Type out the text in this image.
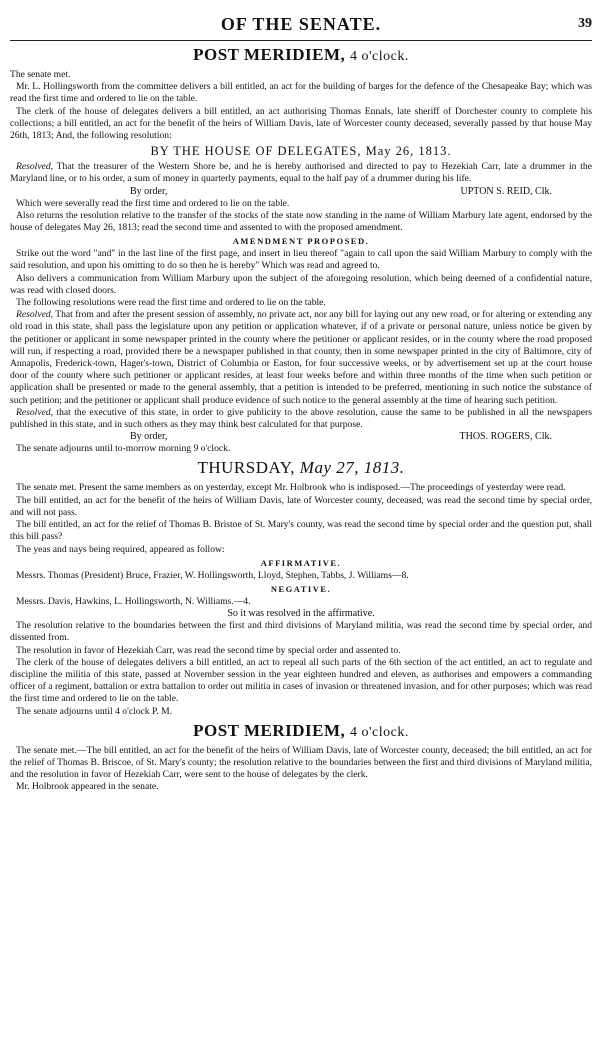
OF THE SENATE.	39
POST MERIDIEM, 4 o'clock.

The senate met.

Mr. L. Hollingsworth from the committee delivers a bill entitled, an act for the building of barges for the defence of the Chesapeake Bay; which was read the first time and ordered to lie on the table.

The clerk of the house of delegates delivers a bill entitled, an act authorising Thomas Ennals, late sheriff of Dorchester county to complete his collections; a bill entitled, an act for the benefit of the heirs of William Davis, late of Worcester county deceased, severally passed by that house May 26th, 1813; And, the following resolution:

BY THE HOUSE OF DELEGATES, May 26, 1813.

Resolved, That the treasurer of the Western Shore be, and he is hereby authorised and directed to pay to Hezekiah Carr, late a drummer in the Maryland line, or to his order, a sum of money in quarterly payments, equal to the half pay of a drummer during his life.

By order,	UPTON S. REID, Clk.

Which were severally read the first time and ordered to lie on the table.

Also returns the resolution relative to the transfer of the stocks of the state now standing in the name of William Marbury late agent, endorsed by the house of delegates May 26, 1813; read the second time and assented to with the proposed amendment.

AMENDMENT PROPOSED.

Strike out the word "and" in the last line of the first page, and insert in lieu thereof "again to call upon the said William Marbury to comply with the said resolution, and upon his omitting to do so then he is hereby" Which was read and agreed to.

Also delivers a communication from William Marbury upon the subject of the aforegoing resolution, which being deemed of a confidential nature, was read with closed doors.

The following resolutions were read the first time and ordered to lie on the table.

Resolved, That from and after the present session of assembly, no private act, nor any bill for laying out any new road, or for altering or extending any old road in this state, shall pass the legislature upon any petition or application whatever, if of a private or personal nature, unless notice be given by the petitioner or applicant in some newspaper printed in the county where the petitioner or applicant resides, or in the county where the road proposed will run, if respecting a road, provided there be a newspaper published in that county, then in some newspaper printed in the city of Baltimore, city of Annapolis, Frederick-town, Hager's-town, District of Columbia or Easton, for four successive weeks, or by advertisement set up at the court house door of the county where such petitioner or applicant resides, at least four weeks before and within three months of the time when such petition or application shall be presented or made to the general assembly, that a petition is intended to be preferred, mentioning in such notice the substance of such petition; and the petitioner or applicant shall produce evidence of such notice to the general assembly at the time of hearing such petition.

Resolved, that the executive of this state, in order to give publicity to the above resolution, cause the same to be published in all the newspapers published in this state, and in such others as they may think best calculated for that purpose.

By order,	THOS. ROGERS, Clk.

The senate adjourns until to-morrow morning 9 o'clock.

THURSDAY, May 27, 1813.

The senate met. Present the same members as on yesterday, except Mr. Holbrook who is indisposed.—The proceedings of yesterday were read.

The bill entitled, an act for the benefit of the heirs of William Davis, late of Worcester county, deceased, was read the second time by special order, and will not pass.

The bill entitled, an act for the relief of Thomas B. Bristoe of St. Mary's county, was read the second time by special order and the question put, shall this bill pass?

The yeas and nays being required, appeared as follow:

AFFIRMATIVE.

Messrs. Thomas (President) Bruce, Frazier, W. Hollingsworth, Lloyd, Stephen, Tabbs, J. Williams—8.

NEGATIVE.

Messrs. Davis, Hawkins, L. Hollingsworth, N. Williams.—4.

So it was resolved in the affirmative.

The resolution relative to the boundaries between the first and third divisions of Maryland militia, was read the second time by special order, and dissented from.

The resolution in favor of Hezekiah Carr, was read the second time by special order and assented to.

The clerk of the house of delegates delivers a bill entitled, an act to repeal all such parts of the 6th section of the act entitled, an act to regulate and discipline the militia of this state, passed at November session in the year eighteen hundred and eleven, as authorises and empowers a commanding officer of a regiment, battalion or extra battalion to order out militia in cases of invasion or threatened invasion, and for other purposes; which was read the first time and ordered to lie on the table.

The senate adjourns until 4 o'clock P. M.

POST MERIDIEM, 4 o'clock.

The senate met.—The bill entitled, an act for the benefit of the heirs of William Davis, late of Worcester county, deceased; the bill entitled, an act for the relief of Thomas B. Briscoe, of St. Mary's county; the resolution relative to the boundaries between the first and third divisions of Maryland militia, and the resolution in favor of Hezekiah Carr, were sent to the house of delegates by the clerk.

Mr. Holbrook appeared in the senate.
